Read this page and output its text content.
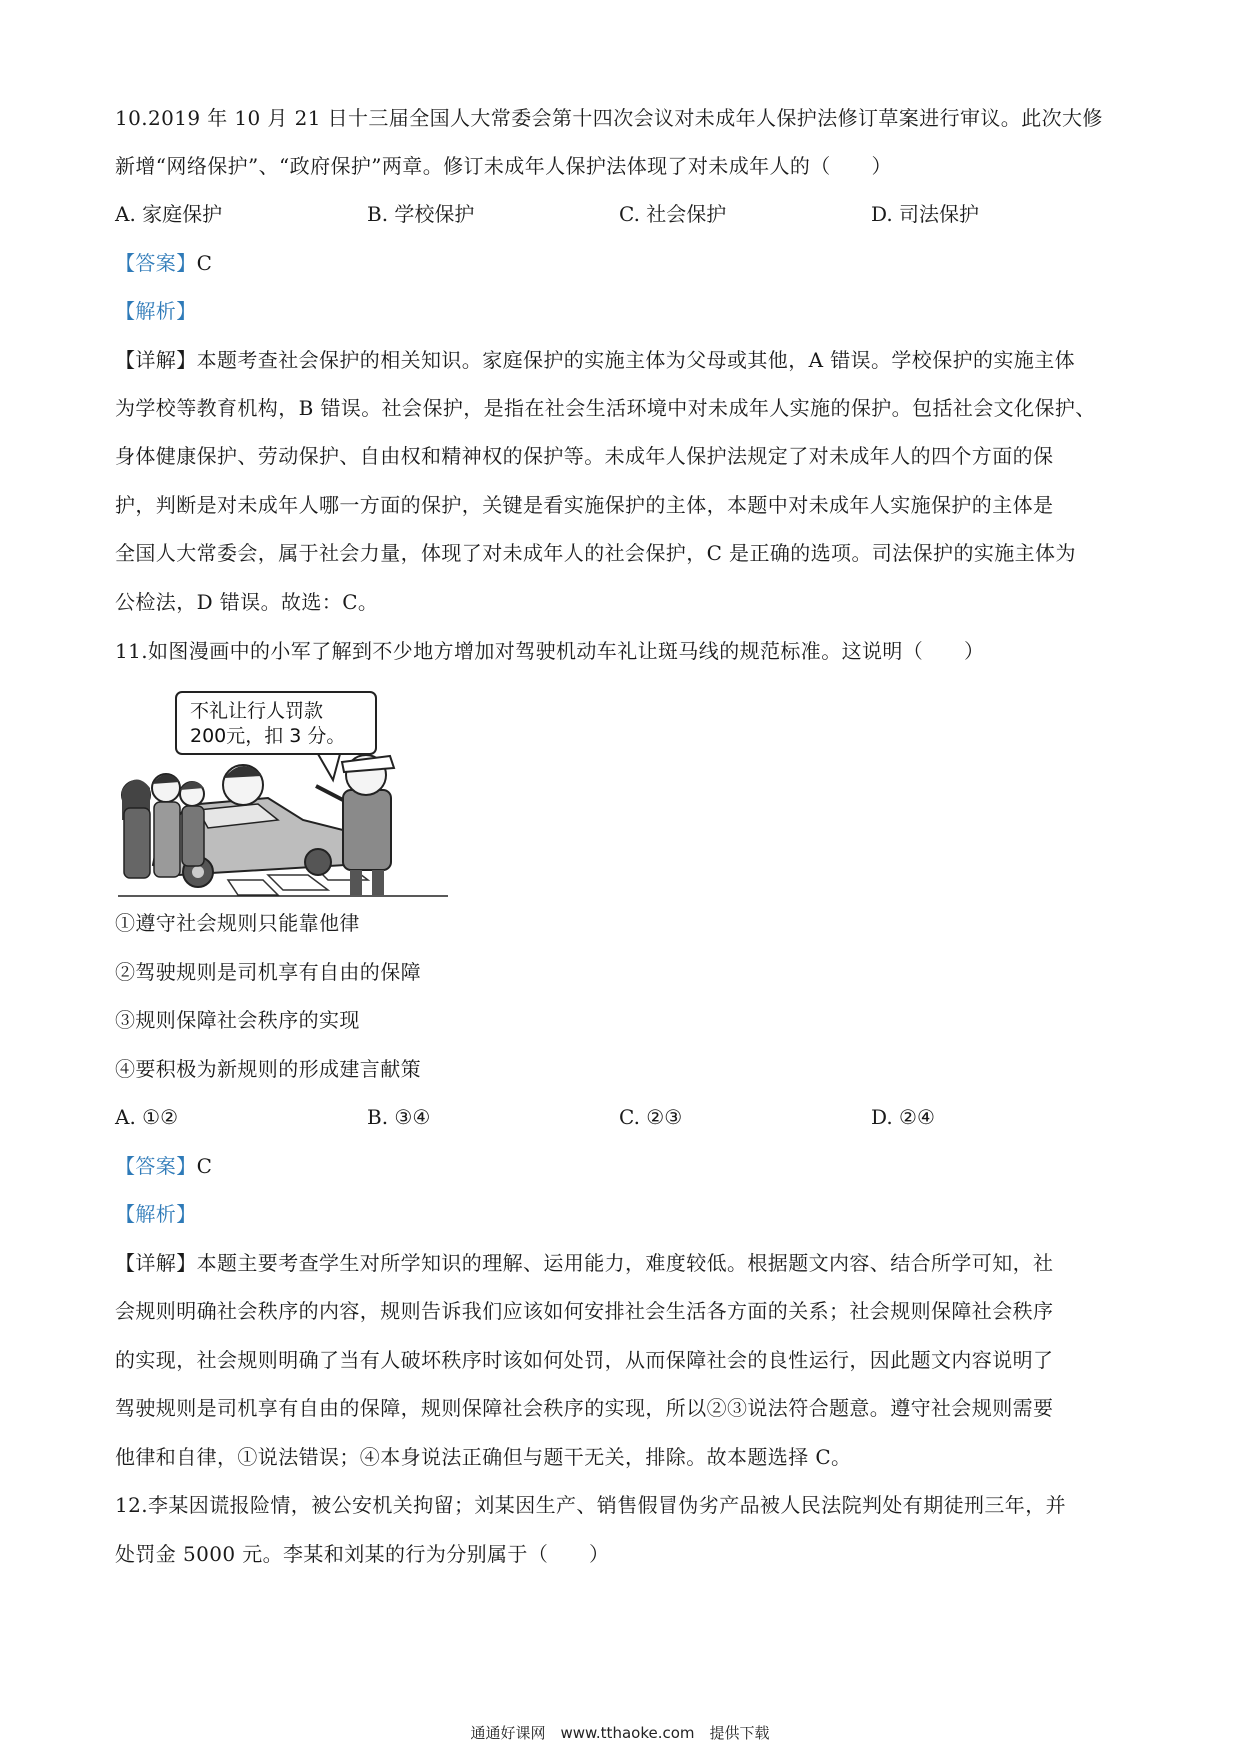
10.2019 年 10 月 21 日十三届全国人大常委会第十四次会议对未成年人保护法修订草案进行审议。此次大修
新增“网络保护”、“政府保护”两章。修订未成年人保护法体现了对未成年人的（　　）
A. 家庭保护	B. 学校保护	C. 社会保护	D. 司法保护
【答案】C
【解析】
【详解】本题考查社会保护的相关知识。家庭保护的实施主体为父母或其他，A 错误。学校保护的实施主体
为学校等教育机构，B 错误。社会保护，是指在社会生活环境中对未成年人实施的保护。包括社会文化保护、
身体健康保护、劳动保护、自由权和精神权的保护等。未成年人保护法规定了对未成年人的四个方面的保
护，判断是对未成年人哪一方面的保护，关键是看实施保护的主体，本题中对未成年人实施保护的主体是
全国人大常委会，属于社会力量，体现了对未成年人的社会保护，C 是正确的选项。司法保护的实施主体为
公检法，D 错误。故选：C。
11.如图漫画中的小军了解到不少地方增加对驾驶机动车礼让斑马线的规范标准。这说明（　　）
不礼让行人罚款
200元，扣 3 分。
①遵守社会规则只能靠他律
②驾驶规则是司机享有自由的保障
③规则保障社会秩序的实现
④要积极为新规则的形成建言献策
A. ①②	B. ③④	C. ②③	D. ②④
【答案】C
【解析】
【详解】本题主要考查学生对所学知识的理解、运用能力，难度较低。根据题文内容、结合所学可知，社
会规则明确社会秩序的内容，规则告诉我们应该如何安排社会生活各方面的关系；社会规则保障社会秩序
的实现，社会规则明确了当有人破坏秩序时该如何处罚，从而保障社会的良性运行，因此题文内容说明了
驾驶规则是司机享有自由的保障，规则保障社会秩序的实现，所以②③说法符合题意。遵守社会规则需要
他律和自律，①说法错误；④本身说法正确但与题干无关，排除。故本题选择 C。
12.李某因谎报险情，被公安机关拘留；刘某因生产、销售假冒伪劣产品被人民法院判处有期徒刑三年，并
处罚金 5000 元。李某和刘某的行为分别属于（　　）
通通好课网　www.tthaoke.com　提供下载
